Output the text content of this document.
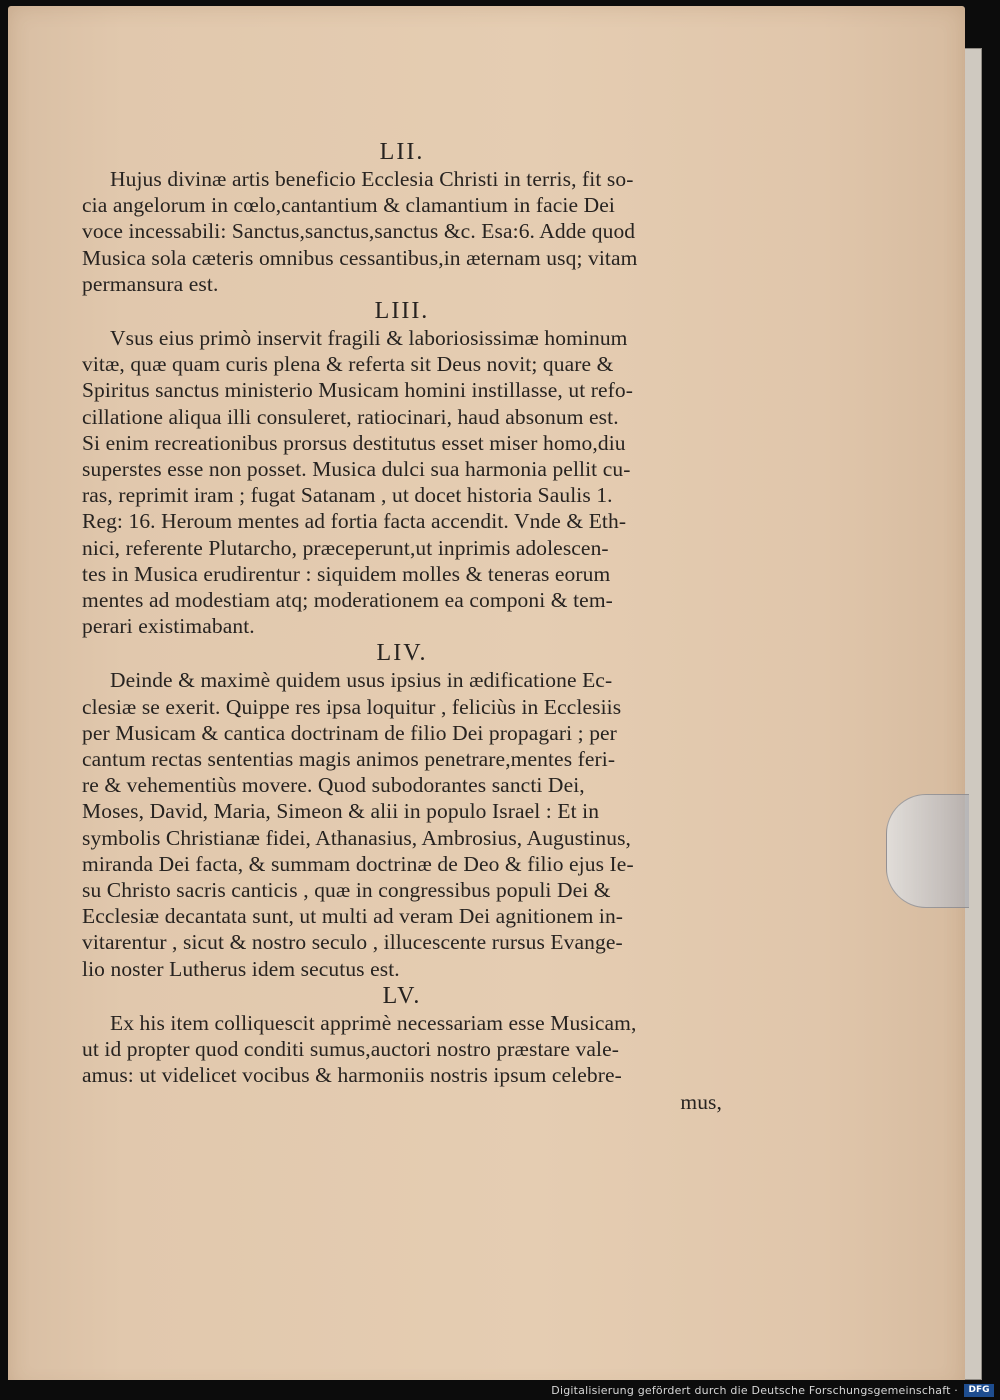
LII.

Hujus divinæ artis beneficio Ecclesia Christi in terris, fit so-
cia angelorum in cœlo,cantantium & clamantium in facie Dei
voce incessabili: Sanctus,sanctus,sanctus &c. Esa:6. Adde quod
Musica sola cæteris omnibus cessantibus,in æternam usq; vitam
permansura est.

LIII.

Vsus eius primò inservit fragili & laboriosissimæ hominum
vitæ, quæ quam curis plena & referta sit Deus novit; quare &
Spiritus sanctus ministerio Musicam homini instillasse, ut refo-
cillatione aliqua illi consuleret, ratiocinari, haud absonum est.
Si enim recreationibus prorsus destitutus esset miser homo,diu
superstes esse non posset. Musica dulci sua harmonia pellit cu-
ras, reprimit iram ; fugat Satanam , ut docet historia Saulis 1.
Reg: 16. Heroum mentes ad fortia facta accendit. Vnde & Eth-
nici, referente Plutarcho, præceperunt,ut inprimis adolescen-
tes in Musica erudirentur : siquidem molles & teneras eorum
mentes ad modestiam atq; moderationem ea componi & tem-
perari existimabant.

LIV.

Deinde & maximè quidem usus ipsius in ædificatione Ec-
clesiæ se exerit. Quippe res ipsa loquitur , feliciùs in Ecclesiis
per Musicam & cantica doctrinam de filio Dei propagari ; per
cantum rectas sententias magis animos penetrare,mentes feri-
re & vehementiùs movere. Quod subodorantes sancti Dei,
Moses, David, Maria, Simeon & alii in populo Israel : Et in
symbolis Christianæ fidei, Athanasius, Ambrosius, Augustinus,
miranda Dei facta, & summam doctrinæ de Deo & filio ejus Ie-
su Christo sacris canticis , quæ in congressibus populi Dei &
Ecclesiæ decantata sunt, ut multi ad veram Dei agnitionem in-
vitarentur , sicut & nostro seculo , illucescente rursus Evange-
lio noster Lutherus idem secutus est.

LV.

Ex his item colliquescit apprimè necessariam esse Musicam,
ut id propter quod conditi sumus,auctori nostro præstare vale-
amus: ut videlicet vocibus & harmoniis nostris ipsum celebre-

mus,

Digitalisierung gefördert durch die Deutsche Forschungsgemeinschaft ·	DFG
